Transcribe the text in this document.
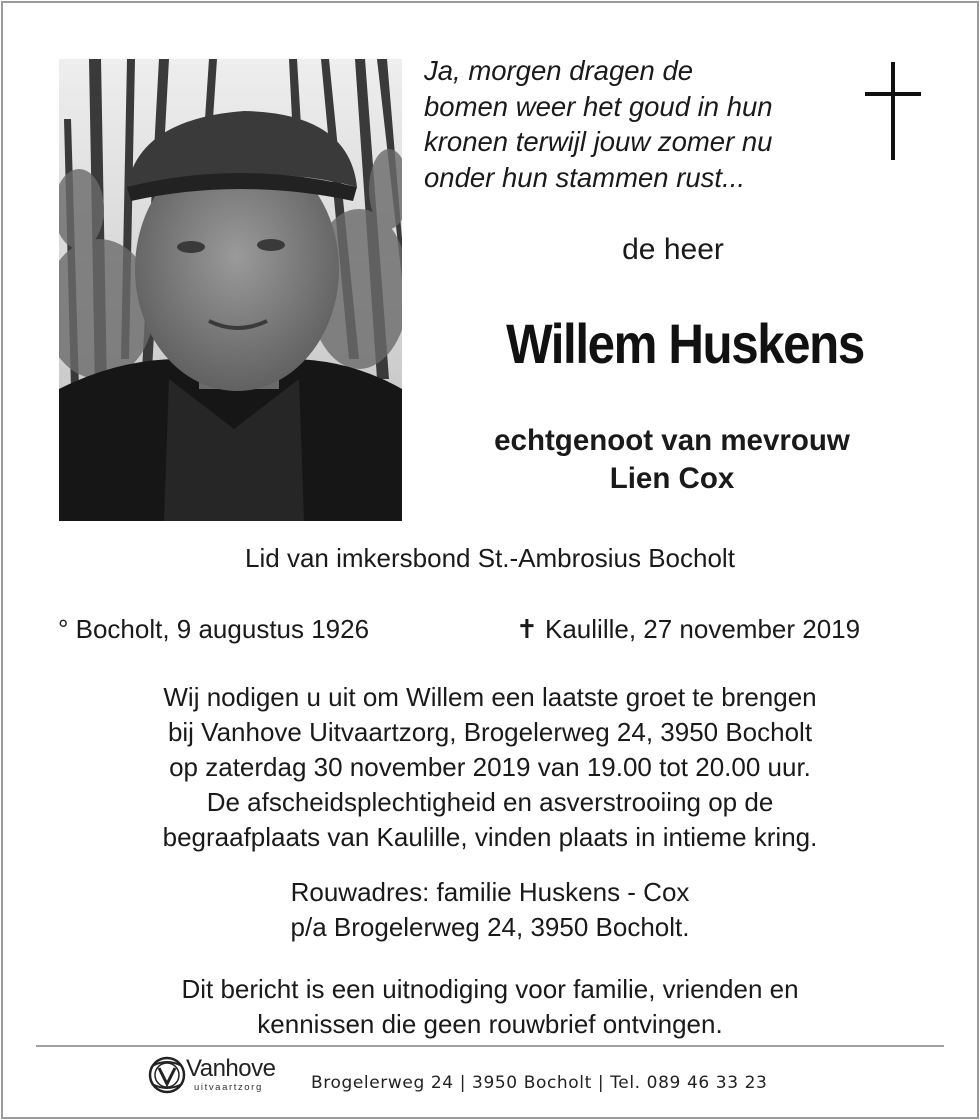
Ja, morgen dragen de
bomen weer het goud in hun
kronen terwijl jouw zomer nu
onder hun stammen rust...
de heer
Willem Huskens
echtgenoot van mevrouw
Lien Cox
Lid van imkersbond St.-Ambrosius Bocholt
° Bocholt, 9 augustus 1926	✝ Kaulille, 27 november 2019
Wij nodigen u uit om Willem een laatste groet te brengen
bij Vanhove Uitvaartzorg, Brogelerweg 24, 3950 Bocholt
op zaterdag 30 november 2019 van 19.00 tot 20.00 uur.
De afscheidsplechtigheid en asverstrooiing op de
begraafplaats van Kaulille, vinden plaats in intieme kring.
Rouwadres: familie Huskens - Cox
p/a Brogelerweg 24, 3950 Bocholt.
Dit bericht is een uitnodiging voor familie, vrienden en
kennissen die geen rouwbrief ontvingen.
Vanhove
uitvaartzorg	Brogelerweg 24 | 3950 Bocholt | Tel. 089 46 33 23
